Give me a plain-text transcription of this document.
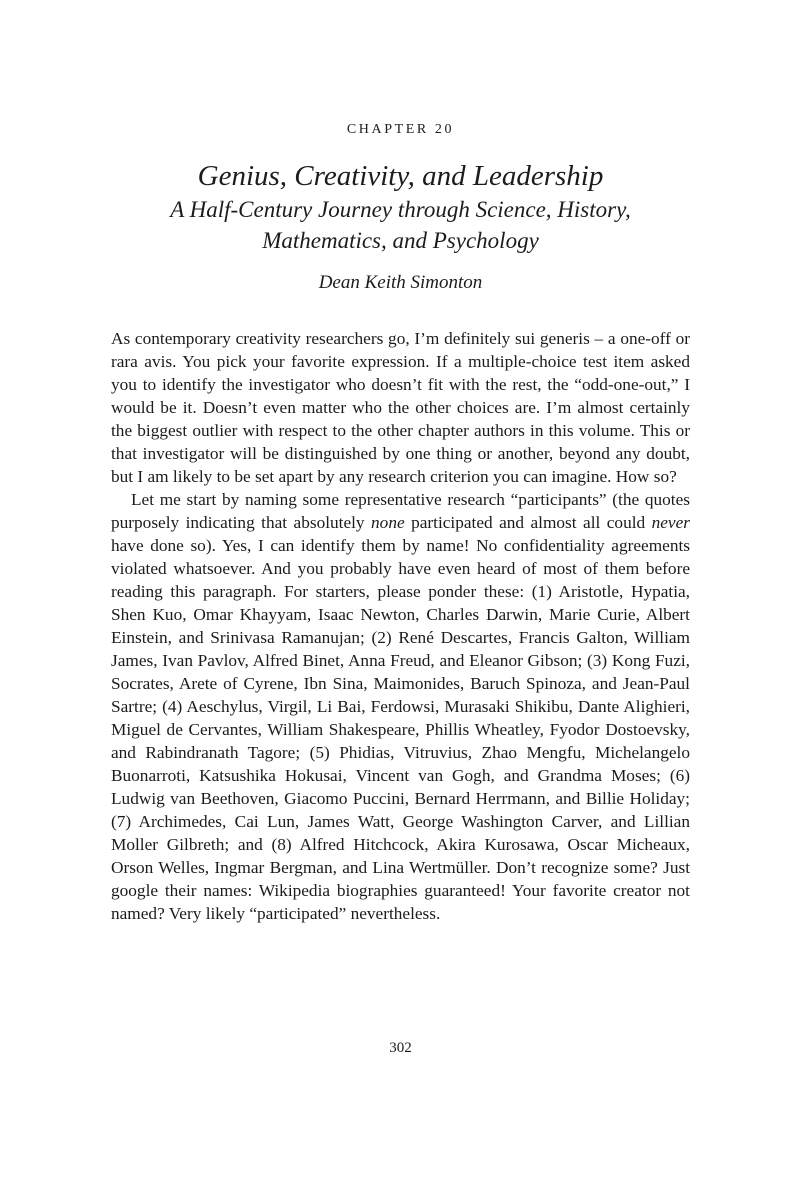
CHAPTER 20
Genius, Creativity, and Leadership
A Half-Century Journey through Science, History,
Mathematics, and Psychology
Dean Keith Simonton

As contemporary creativity researchers go, I’m definitely sui generis – a one-off or rara avis. You pick your favorite expression. If a multiple-choice test item asked you to identify the investigator who doesn’t fit with the rest, the “odd-one-out,” I would be it. Doesn’t even matter who the other choices are. I’m almost certainly the biggest outlier with respect to the other chapter authors in this volume. This or that investigator will be distinguished by one thing or another, beyond any doubt, but I am likely to be set apart by any research criterion you can imagine. How so?

Let me start by naming some representative research “participants” (the quotes purposely indicating that absolutely none participated and almost all could never have done so). Yes, I can identify them by name! No confidentiality agreements violated whatsoever. And you probably have even heard of most of them before reading this paragraph. For starters, please ponder these: (1) Aristotle, Hypatia, Shen Kuo, Omar Khayyam, Isaac Newton, Charles Darwin, Marie Curie, Albert Einstein, and Srinivasa Ramanujan; (2) René Descartes, Francis Galton, William James, Ivan Pavlov, Alfred Binet, Anna Freud, and Eleanor Gibson; (3) Kong Fuzi, Socrates, Arete of Cyrene, Ibn Sina, Maimonides, Baruch Spinoza, and Jean-Paul Sartre; (4) Aeschylus, Virgil, Li Bai, Ferdowsi, Murasaki Shikibu, Dante Alighieri, Miguel de Cervantes, William Shakespeare, Phillis Wheatley, Fyodor Dostoevsky, and Rabindranath Tagore; (5) Phidias, Vitruvius, Zhao Mengfu, Michelangelo Buonarroti, Katsushika Hokusai, Vincent van Gogh, and Grandma Moses; (6) Ludwig van Beethoven, Giacomo Puccini, Bernard Herrmann, and Billie Holiday; (7) Archimedes, Cai Lun, James Watt, George Washington Carver, and Lillian Moller Gilbreth; and (8) Alfred Hitchcock, Akira Kurosawa, Oscar Micheaux, Orson Welles, Ingmar Bergman, and Lina Wertmüller. Don’t recognize some? Just google their names: Wikipedia biographies guaranteed! Your favorite creator not named? Very likely “participated” nevertheless.

302
